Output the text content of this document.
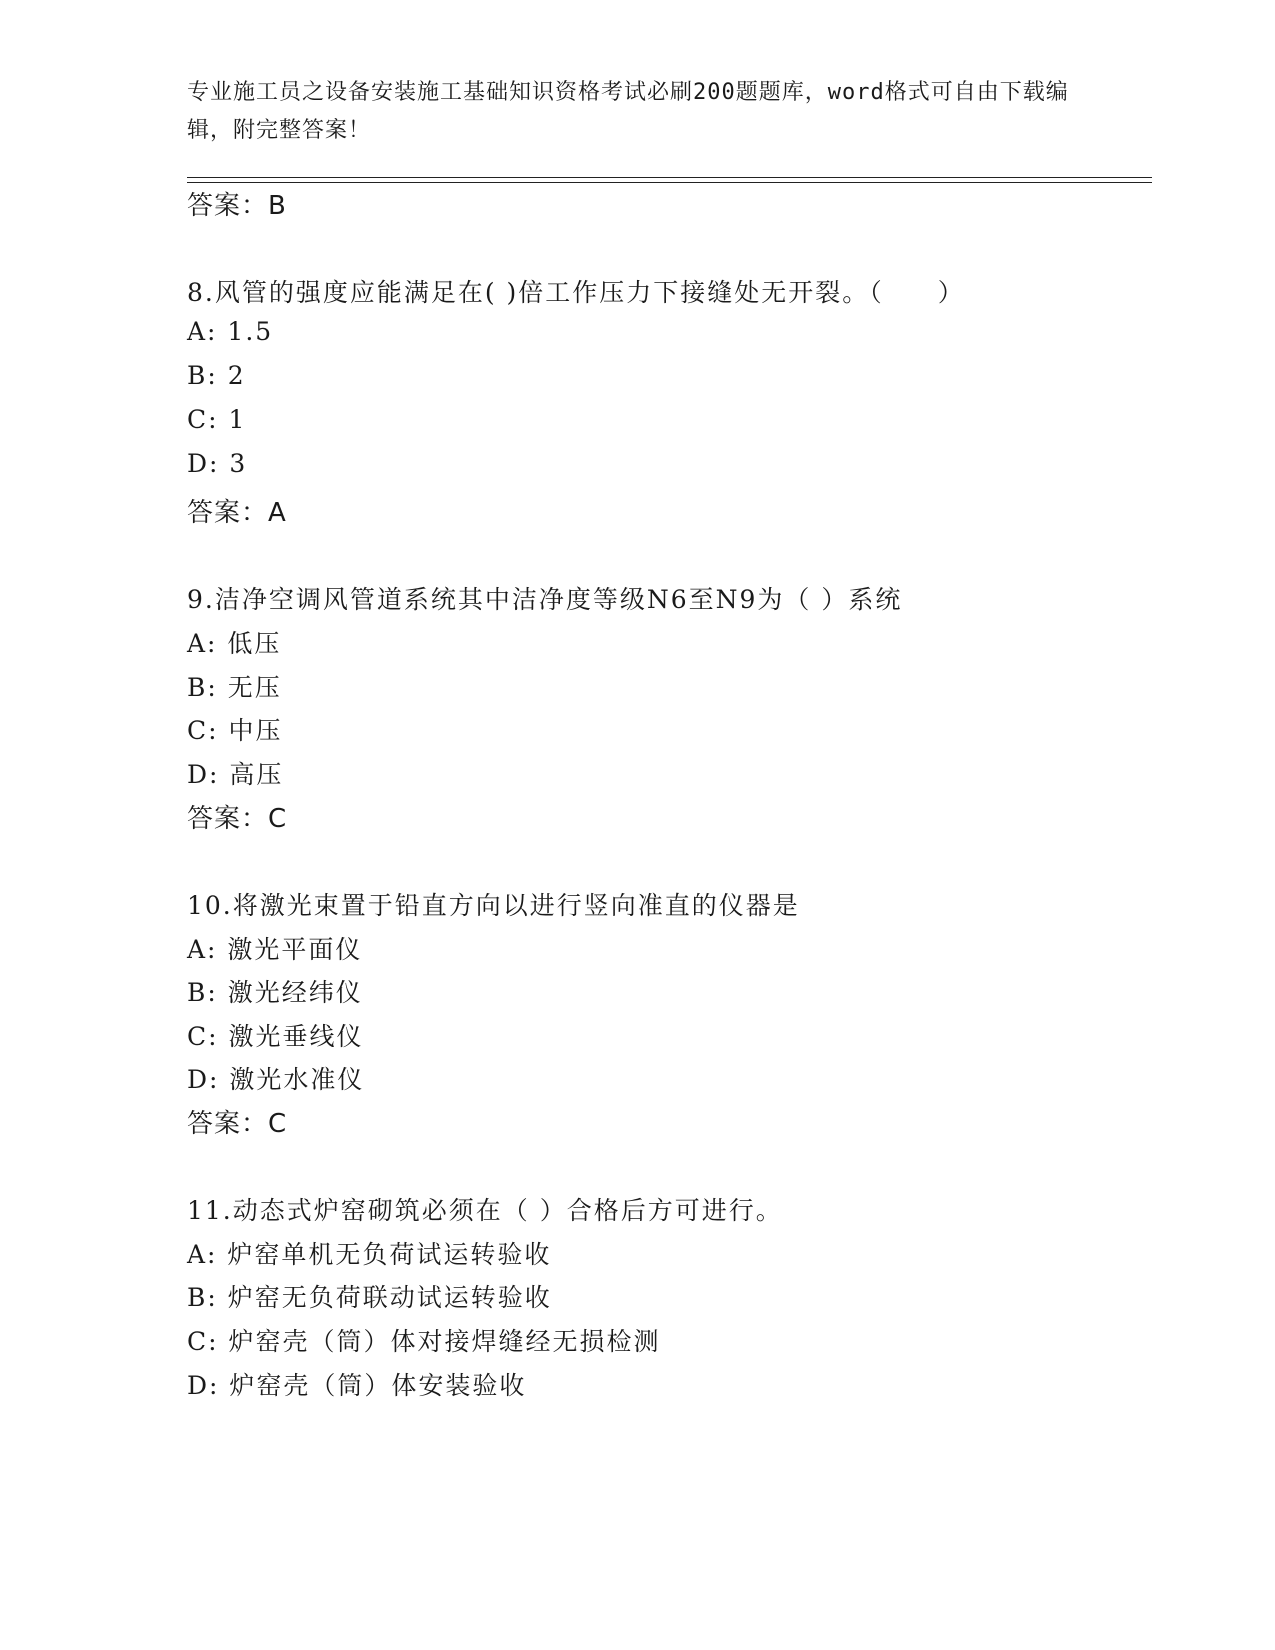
专业施工员之设备安装施工基础知识资格考试必刷200题题库，word格式可自由下载编辑，附完整答案！
答案：B
8.风管的强度应能满足在( )倍工作压力下接缝处无开裂。（　　）
A: 1.5
B: 2
C: 1
D: 3
答案：A
9.洁净空调风管道系统其中洁净度等级N6至N9为（ ）系统
A: 低压
B: 无压
C: 中压
D: 高压
答案：C
10.将激光束置于铅直方向以进行竖向准直的仪器是
A: 激光平面仪
B: 激光经纬仪
C: 激光垂线仪
D: 激光水准仪
答案：C
11.动态式炉窑砌筑必须在（ ）合格后方可进行。
A: 炉窑单机无负荷试运转验收
B: 炉窑无负荷联动试运转验收
C: 炉窑壳（筒）体对接焊缝经无损检测
D: 炉窑壳（筒）体安装验收
